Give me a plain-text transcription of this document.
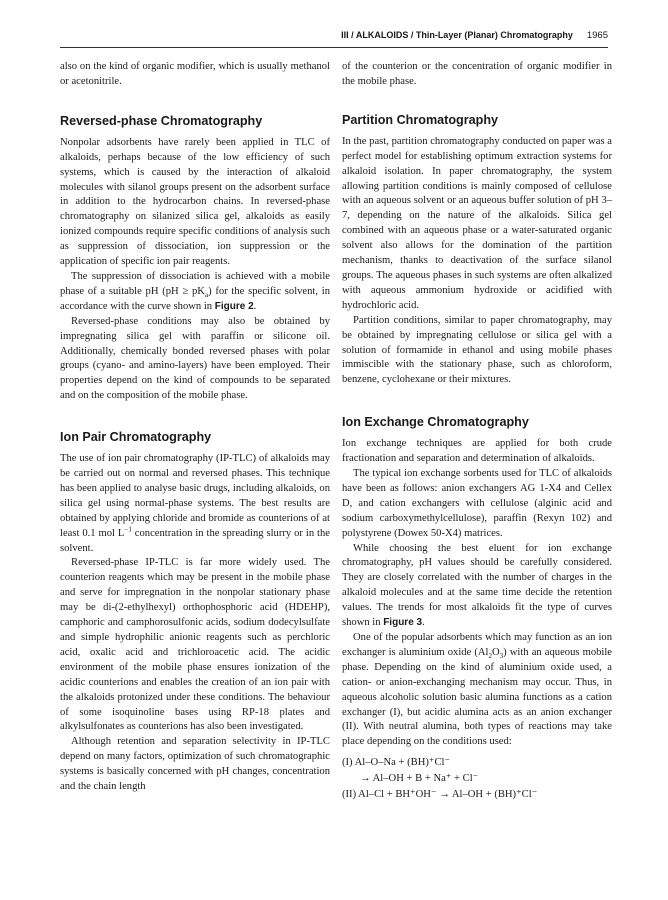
III / ALKALOIDS / Thin-Layer (Planar) Chromatography 1965

also on the kind of organic modifier, which is usually methanol or acetonitrile.

Reversed-phase Chromatography

Nonpolar adsorbents have rarely been applied in TLC of alkaloids, perhaps because of the low efficiency of such systems, which is caused by the interaction of alkaloid molecules with silanol groups present on the adsorbent surface in addition to the hydrocarbon chains. In reversed-phase chromatography on silanized silica gel, alkaloids as easily ionized compounds require specific conditions of analysis such as suppression of dissociation, ion suppression or the application of specific ion pair reagents.

The suppression of dissociation is achieved with a mobile phase of a suitable pH $(pH \ge pK_a)$ for the specific solvent, in accordance with the curve shown in Figure 2.

Reversed-phase conditions may also be obtained by impregnating silica gel with paraffin or silicone oil. Additionally, chemically bonded reversed phases with polar groups (cyano- and amino-layers) have been employed. Their properties depend on the kind of compounds to be separated and on the composition of the mobile phase.

Ion Pair Chromatography

The use of ion pair chromatography (IP-TLC) of alkaloids may be carried out on normal and reversed phases. This technique has been applied to analyse basic drugs, including alkaloids, on silica gel using normal-phase systems. The best results are obtained by applying chloride and bromide as counterions of at least 0.1 mol $L^{-1}$ concentration in the spreading slurry or in the solvent.

Reversed-phase IP-TLC is far more widely used. The counterion reagents which may be present in the mobile phase and serve for impregnation in the nonpolar stationary phase may be di-(2-ethylhexyl) orthophosphoric acid (HDEHP), camphoric and camphorosulfonic acids, sodium dodecylsulfate and simple hydrophilic anionic reagents such as perchloric acid, oxalic acid and trichloroacetic acid. The acidic environment of the mobile phase ensures ionization of the acidic counterions and enables the creation of an ion pair with the alkaloids protonized under these conditions. The behaviour of some isoquinoline bases using RP-18 plates and alkylsulfonates as counterions has also been investigated.

Although retention and separation selectivity in IP-TLC depend on many factors, optimization of such chromatographic systems is basically concerned with pH changes, concentration and the chain length

of the counterion or the concentration of organic modifier in the mobile phase.

Partition Chromatography

In the past, partition chromatography conducted on paper was a perfect model for establishing optimum extraction systems for alkaloid isolation. In paper chromatography, the system allowing partition conditions is mainly composed of cellulose with an aqueous solvent or an aqueous buffer solution of pH 3–7, depending on the nature of the alkaloids. Silica gel combined with an aqueous phase or a water-saturated organic solvent also allows for the domination of the partition mechanism, thanks to deactivation of the surface silanol groups. The aqueous phases in such systems are often alkalized with aqueous ammonium hydroxide or acidified with hydrochloric acid.

Partition conditions, similar to paper chromatography, may be obtained by impregnating cellulose or silica gel with a solution of formamide in ethanol and using mobile phases immiscible with the stationary phase, such as chloroform, benzene, cyclohexane or their mixtures.

Ion Exchange Chromatography

Ion exchange techniques are applied for both crude fractionation and separation and determination of alkaloids.

The typical ion exchange sorbents used for TLC of alkaloids have been as follows: anion exchangers AG 1-X4 and Cellex D, and cation exchangers with cellulose (alginic acid and sodium carboxymethylcellulose), paraffin (Rexyn 102) and polystyrene (Dowex 50-X4) matrices.

While choosing the best eluent for ion exchange chromatography, pH values should be carefully considered. They are closely correlated with the number of charges in the alkaloid molecules and at the same time decide the retention values. The trends for most alkaloids fit the type of curves shown in Figure 3.

One of the popular adsorbents which may function as an ion exchanger is aluminium oxide $(Al_2O_3)$ with an aqueous mobile phase. Depending on the kind of aluminium oxide used, a cation- or anion-exchanging mechanism may occur. Thus, in aqueous alcoholic solution basic alumina functions as a cation exchanger (I), but acidic alumina acts as an anion exchanger (II). With neutral alumina, both types of reactions may take place depending on the conditions used:

(I) Al–O–Na + (BH)⁺Cl⁻
→ Al–OH + B + Na⁺ + Cl⁻
(II) Al–Cl + BH⁺OH⁻ → Al–OH + (BH)⁺Cl⁻
